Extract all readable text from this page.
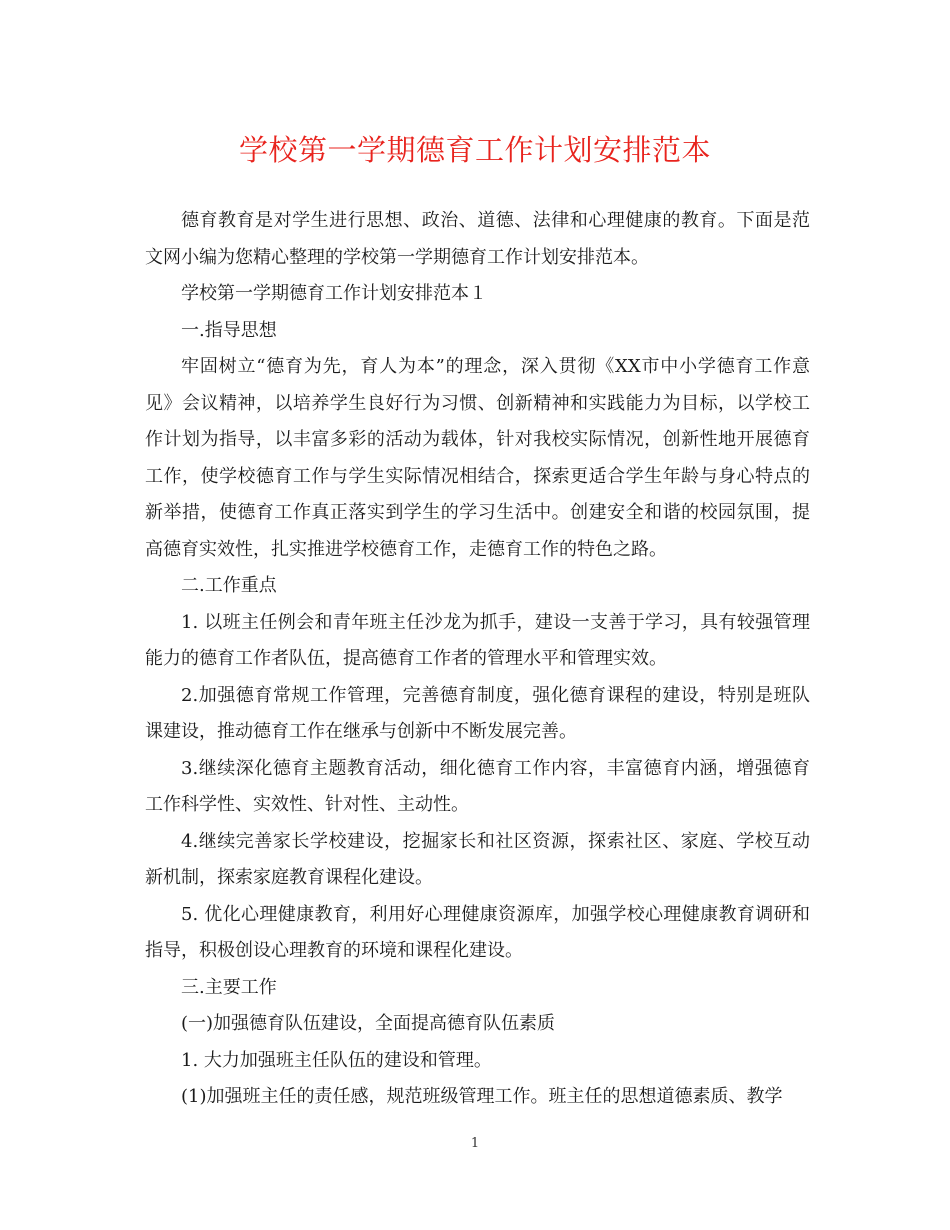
学校第一学期德育工作计划安排范本

德育教育是对学生进行思想、政治、道德、法律和心理健康的教育。下面是范文网小编为您精心整理的学校第一学期德育工作计划安排范本。

学校第一学期德育工作计划安排范本１

一.指导思想

牢固树立“德育为先，育人为本”的理念，深入贯彻《XX市中小学德育工作意见》会议精神，以培养学生良好行为习惯、创新精神和实践能力为目标，以学校工作计划为指导，以丰富多彩的活动为载体，针对我校实际情况，创新性地开展德育工作，使学校德育工作与学生实际情况相结合，探索更适合学生年龄与身心特点的新举措，使德育工作真正落实到学生的学习生活中。创建安全和谐的校园氛围，提高德育实效性，扎实推进学校德育工作，走德育工作的特色之路。

二.工作重点

1. 以班主任例会和青年班主任沙龙为抓手，建设一支善于学习，具有较强管理能力的德育工作者队伍，提高德育工作者的管理水平和管理实效。

2.加强德育常规工作管理，完善德育制度，强化德育课程的建设，特别是班队课建设，推动德育工作在继承与创新中不断发展完善。

3.继续深化德育主题教育活动，细化德育工作内容，丰富德育内涵，增强德育工作科学性、实效性、针对性、主动性。

4.继续完善家长学校建设，挖掘家长和社区资源，探索社区、家庭、学校互动新机制，探索家庭教育课程化建设。

5. 优化心理健康教育，利用好心理健康资源库，加强学校心理健康教育调研和指导，积极创设心理教育的环境和课程化建设。

三.主要工作

(一)加强德育队伍建设，全面提高德育队伍素质

1. 大力加强班主任队伍的建设和管理。

(1)加强班主任的责任感，规范班级管理工作。班主任的思想道德素质、教学

1
